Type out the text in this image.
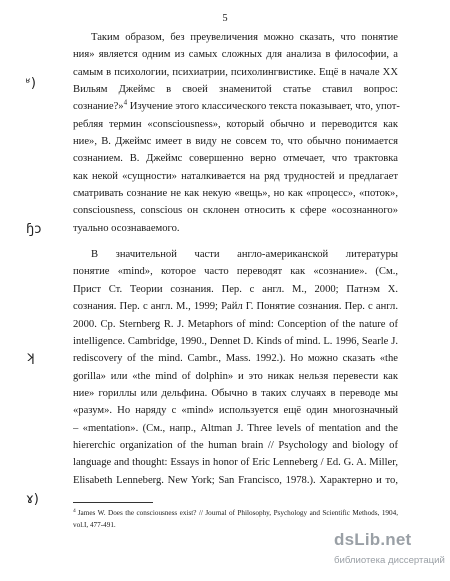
5
Таким образом, без преувеличения можно сказать, что понятие
ния» является одним из самых сложных для анализа в философии, а
самым в психологии, психиатрии, психолингвистике. Ещё в начале XX
Вильям Джеймс в своей знаменитой статье ставил вопрос:
сознание?»$^4$ Изучение этого классического текста показывает, что, упот-
ребляя термин «consciousness», который обычно и переводится как
ние», В. Джеймс имеет в виду не совсем то, что обычно понимается
сознанием. В. Джеймс совершенно верно отмечает, что трактовка
как некой «сущности» наталкивается на ряд трудностей и предлагает
сматривать сознание не как некую «вещь», но как «процесс», «поток»,
consciousness, conscious он склонен относить к сфере «осознанного»
туально осознаваемого.
В значительной части англо-американской литературы
понятие «mind», которое часто переводят как «сознание». (См.,
Прист Ст. Теории сознания. Пер. с англ. М., 2000; Патнэм Х.
сознания. Пер. с англ. М., 1999; Райл Г. Понятие сознания. Пер. с англ.
2000. Ср. Sternberg R. J. Metaphors of mind: Conception of the nature of
intelligence. Cambridge, 1990., Dennet D. Kinds of mind. L. 1996, Searle J.
rediscovery of the mind. Cambr., Mass. 1992.). Но можно сказать «the
gorilla» или «the mind of dolphin» и это никак нельзя перевести как
ние» гориллы или дельфина. Обычно в таких случаях в переводе мы
«разум». Но наряду с «mind» используется ещё один многозначный
– «mentation». (См., напр., Altman J. Three levels of mentation and the
hiererchic organization of the human brain // Psychology and biology of
language and thought: Essays in honor of Eric Lenneberg / Ed. G. A. Miller,
Elisabeth Lenneberg. New York; San Francisco, 1978.). Характерно и то,
$^4$ James W. Does the consciousness exist? // Journal of Philosophy, Psychology and Scientific Methods, 1904, vol.I, 477-491.
ʶ)
ɧɔ
ʞ
ɤ)
dsLib.net
библиотека диссертаций
